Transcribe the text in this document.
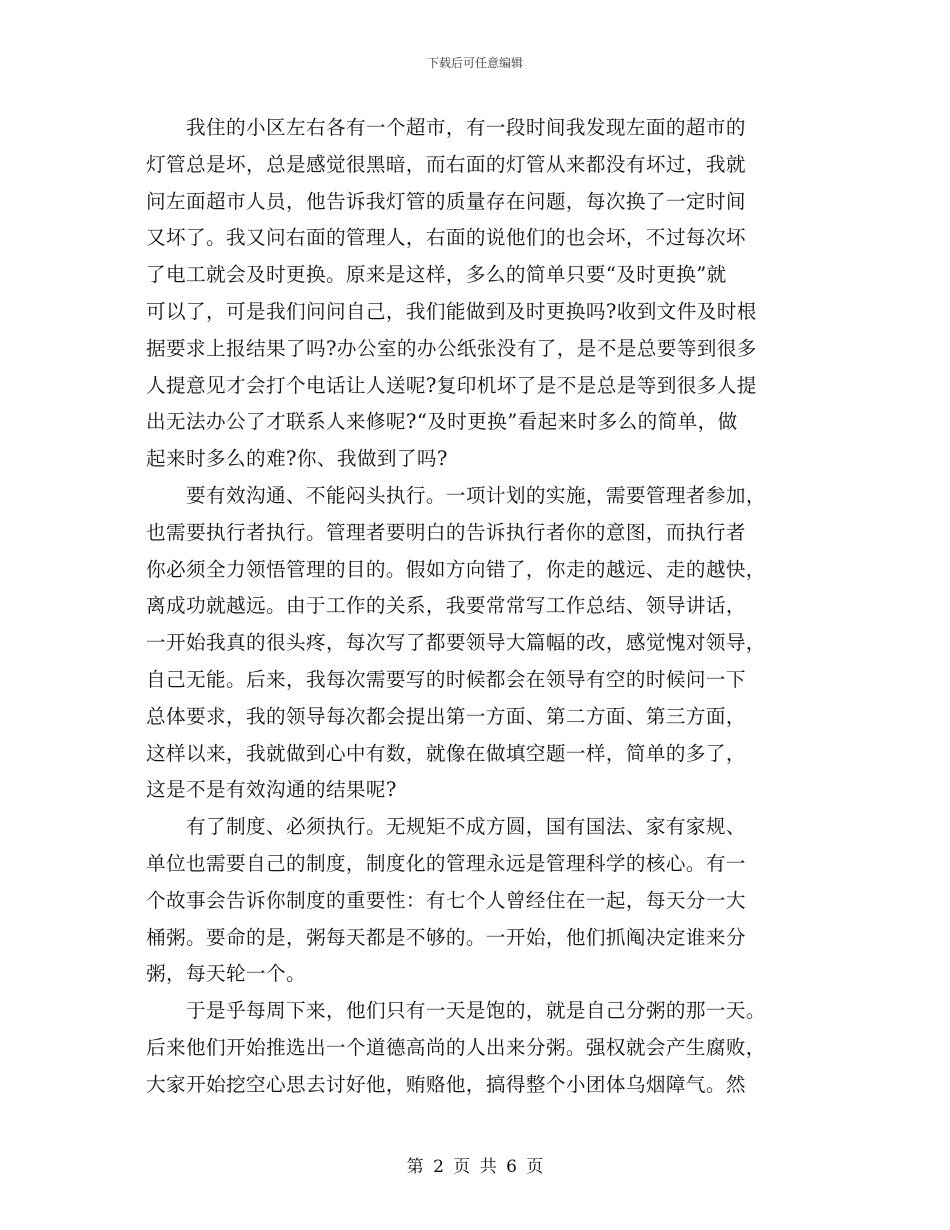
下载后可任意编辑
我住的小区左右各有一个超市，有一段时间我发现左面的超市的
灯管总是坏，总是感觉很黑暗，而右面的灯管从来都没有坏过，我就
问左面超市人员，他告诉我灯管的质量存在问题，每次换了一定时间
又坏了。我又问右面的管理人，右面的说他们的也会坏，不过每次坏
了电工就会及时更换。原来是这样，多么的简单只要“及时更换”就
可以了，可是我们问问自己，我们能做到及时更换吗?收到文件及时根
据要求上报结果了吗?办公室的办公纸张没有了，是不是总要等到很多
人提意见才会打个电话让人送呢?复印机坏了是不是总是等到很多人提
出无法办公了才联系人来修呢?“及时更换”看起来时多么的简单，做
起来时多么的难?你、我做到了吗?
要有效沟通、不能闷头执行。一项计划的实施，需要管理者参加，
也需要执行者执行。管理者要明白的告诉执行者你的意图，而执行者
你必须全力领悟管理的目的。假如方向错了，你走的越远、走的越快，
离成功就越远。由于工作的关系，我要常常写工作总结、领导讲话，
一开始我真的很头疼，每次写了都要领导大篇幅的改，感觉愧对领导，
自己无能。后来，我每次需要写的时候都会在领导有空的时候问一下
总体要求，我的领导每次都会提出第一方面、第二方面、第三方面，
这样以来，我就做到心中有数，就像在做填空题一样，简单的多了，
这是不是有效沟通的结果呢?
有了制度、必须执行。无规矩不成方圆，国有国法、家有家规、
单位也需要自己的制度，制度化的管理永远是管理科学的核心。有一
个故事会告诉你制度的重要性：有七个人曾经住在一起，每天分一大
桶粥。要命的是，粥每天都是不够的。一开始，他们抓阄决定谁来分
粥，每天轮一个。
于是乎每周下来，他们只有一天是饱的，就是自己分粥的那一天。
后来他们开始推选出一个道德高尚的人出来分粥。强权就会产生腐败，
大家开始挖空心思去讨好他，贿赂他，搞得整个小团体乌烟障气。然
第 2 页 共 6 页
